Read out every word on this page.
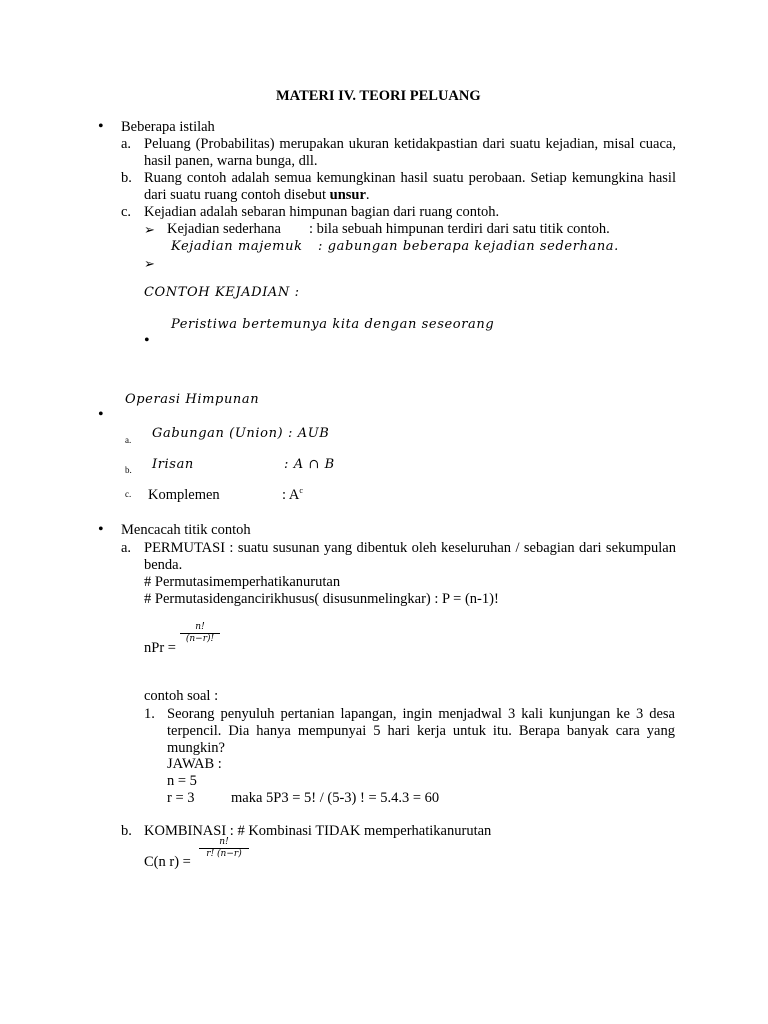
MATERI IV. TEORI PELUANG
• Beberapa istilah
a. Peluang (Probabilitas) merupakan ukuran ketidakpastian dari suatu kejadian, misal cuaca, hasil panen, warna bunga, dll.
b. Ruang contoh adalah semua kemungkinan hasil suatu perobaan. Setiap kemungkina hasil dari suatu ruang contoh disebut unsur.
c. Kejadian adalah sebaran himpunan bagian dari ruang contoh.
➢ Kejadian sederhana : bila sebuah himpunan terdiri dari satu titik contoh.
Kejadian majemuk : gabungan beberapa kejadian sederhana.
➢
CONTOH KEJADIAN :
Peristiwa bertemunya kita dengan seseorang
•
Operasi Himpunan
•
a. Gabungan (Union) : AUB
b. Irisan	: A ∩ B
c. Komplemen	: $A^c$
• Mencacah titik contoh
a. PERMUTASI : suatu susunan yang dibentuk oleh keseluruhan / sebagian dari sekumpulan benda.
# Permutasimemperhatikanurutan
# Permutasidengancirikhusus( disusunmelingkar) : P = (n-1)!
nPr =
n!
(n−r)!
contoh soal :
1. Seorang penyuluh pertanian lapangan, ingin menjadwal 3 kali kunjungan ke 3 desa terpencil. Dia hanya mempunyai 5 hari kerja untuk itu. Berapa banyak cara yang mungkin?
JAWAB :
n = 5
r = 3	maka 5P3 = 5! / (5-3) ! = 5.4.3 = 60
b. KOMBINASI : # Kombinasi TIDAK memperhatikanurutan
C(n r) =
n!
r! (n−r)
